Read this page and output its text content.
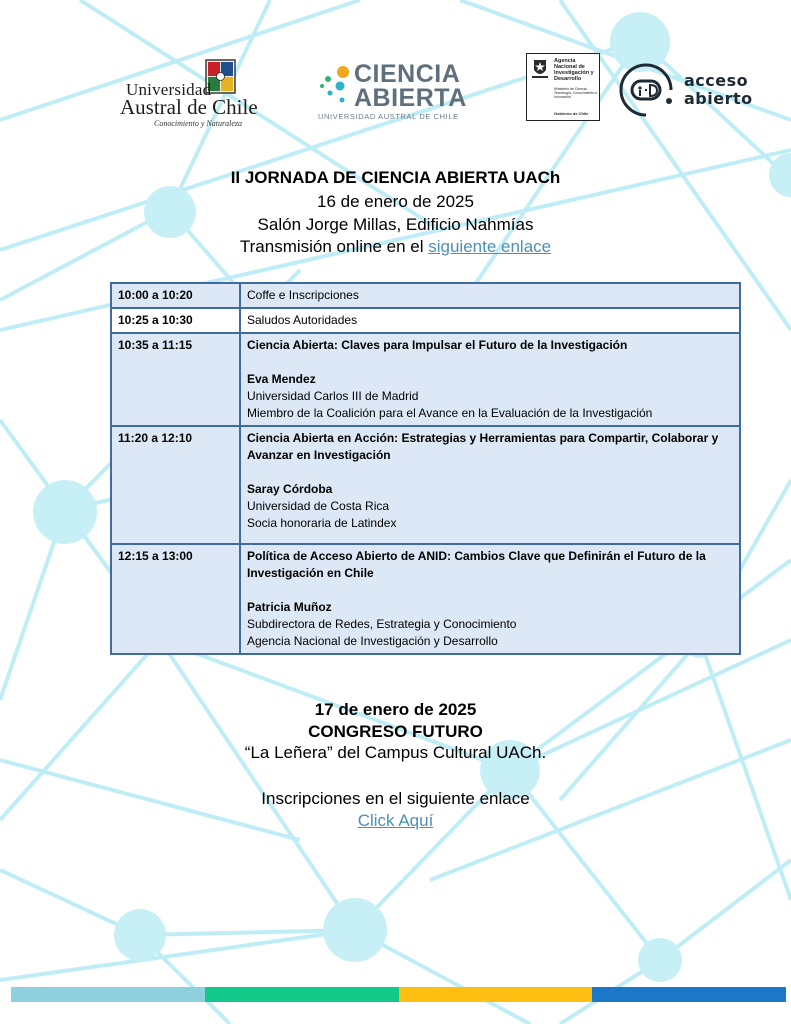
Universidad
Austral de Chile
Conocimiento y Naturaleza
CIENCIA
ABIERTA
UNIVERSIDAD AUSTRAL DE CHILE
Agencia Nacional de Investigación y Desarrollo
Ministerio de Ciencia, Tecnología, Conocimiento e Innovación
Gobierno de Chile
acceso
abierto
II JORNADA DE CIENCIA ABIERTA UACh
16 de enero de 2025
Salón Jorge Millas, Edificio Nahmías
Transmisión online en el siguiente enlace
10:00 a 10:20	Coffe e Inscripciones
10:25 a 10:30	Saludos Autoridades
10:35 a 11:15	Ciencia Abierta: Claves para Impulsar el Futuro de la Investigación
Eva Mendez
Universidad Carlos III de Madrid
Miembro de la Coalición para el Avance en la Evaluación de la Investigación

11:20 a 12:10	Ciencia Abierta en Acción: Estrategias y Herramientas para Compartir, Colaborar y Avanzar en Investigación
Saray Córdoba
Universidad de Costa Rica
Socia honoraria de Latindex

12:15 a 13:00	Política de Acceso Abierto de ANID: Cambios Clave que Definirán el Futuro de la Investigación en Chile
Patricia Muñoz
Subdirectora de Redes, Estrategia y Conocimiento
Agencia Nacional de Investigación y Desarrollo
17 de enero de 2025
CONGRESO FUTURO
“La Leñera” del Campus Cultural UACh.
Inscripciones en el siguiente enlace
Click Aquí
